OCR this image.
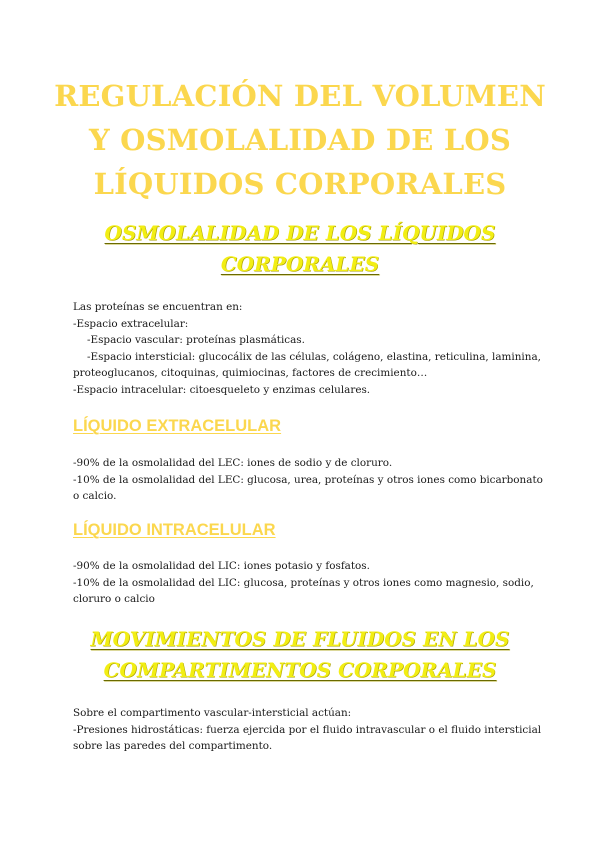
REGULACIÓN DEL VOLUMEN
Y OSMOLALIDAD DE LOS
LÍQUIDOS CORPORALES
OSMOLALIDAD DE LOS LÍQUIDOS
CORPORALES
Las proteínas se encuentran en:
-Espacio extracelular:
-Espacio vascular: proteínas plasmáticas.
-Espacio intersticial: glucocálix de las células, colágeno, elastina, reticulina, laminina,
proteoglucanos, citoquinas, quimiocinas, factores de crecimiento…
-Espacio intracelular: citoesqueleto y enzimas celulares.
LÍQUIDO EXTRACELULAR
-90% de la osmolalidad del LEC: iones de sodio y de cloruro.
-10% de la osmolalidad del LEC: glucosa, urea, proteínas y otros iones como bicarbonato
o calcio.
LÍQUIDO INTRACELULAR
-90% de la osmolalidad del LIC: iones potasio y fosfatos.
-10% de la osmolalidad del LIC: glucosa, proteínas y otros iones como magnesio, sodio,
cloruro o calcio
MOVIMIENTOS DE FLUIDOS EN LOS
COMPARTIMENTOS CORPORALES
Sobre el compartimento vascular-intersticial actúan:
-Presiones hidrostáticas: fuerza ejercida por el fluido intravascular o el fluido intersticial
sobre las paredes del compartimento.
